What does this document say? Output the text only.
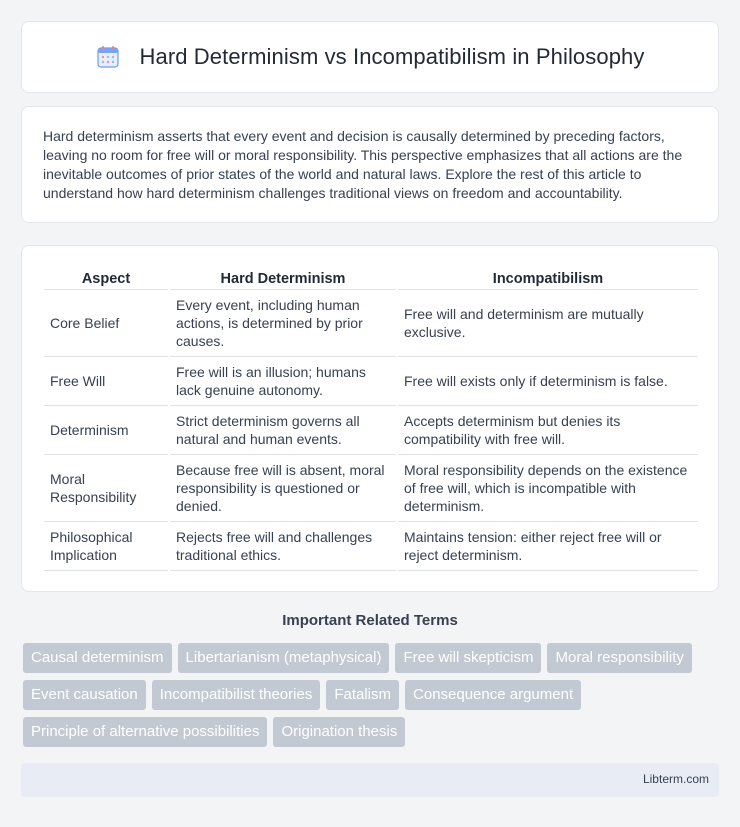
Hard Determinism vs Incompatibilism in Philosophy

Hard determinism asserts that every event and decision is causally determined by preceding factors, leaving no room for free will or moral responsibility. This perspective emphasizes that all actions are the inevitable outcomes of prior states of the world and natural laws. Explore the rest of this article to understand how hard determinism challenges traditional views on freedom and accountability.

Aspect	Hard Determinism	Incompatibilism
Core Belief	Every event, including human actions, is determined by prior causes.	Free will and determinism are mutually exclusive.
Free Will	Free will is an illusion; humans lack genuine autonomy.	Free will exists only if determinism is false.
Determinism	Strict determinism governs all natural and human events.	Accepts determinism but denies its compatibility with free will.
Moral Responsibility	Because free will is absent, moral responsibility is questioned or denied.	Moral responsibility depends on the existence of free will, which is incompatible with determinism.
Philosophical Implication	Rejects free will and challenges traditional ethics.	Maintains tension: either reject free will or reject determinism.
Important Related Terms
Causal determinism	Libertarianism (metaphysical)	Free will skepticism	Moral responsibility
Event causation	Incompatibilist theories	Fatalism	Consequence argument
Principle of alternative possibilities	Origination thesis
Libterm.com
